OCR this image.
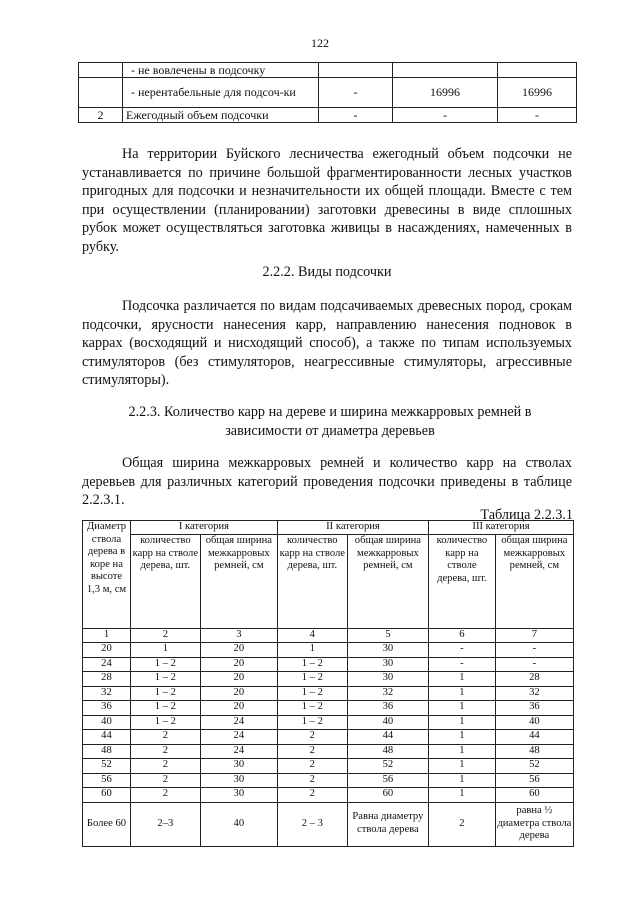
122
	- не вовлечены в подсочку			
	- нерентабельные для подсоч-ки	-	16996	16996
2	Ежегодный объем подсочки	-	-	-

На территории Буйского лесничества ежегодный объем подсочки не устанавливается по причине большой фрагментированности лесных участков пригодных для подсочки и незначительности их общей площади. Вместе с тем при осуществлении (планировании) заготовки древесины в виде сплошных рубок может осуществляться заготовка живицы в насаждениях, намеченных в рубку.

2.2.2. Виды подсочки

Подсочка различается по видам подсачиваемых древесных пород, срокам подсочки, ярусности нанесения карр, направлению нанесения подновок в каррах (восходящий и нисходящий способ), а также по типам используемых стимуляторов (без стимуляторов, неагрессивные стимуляторы, агрессивные стимуляторы).

2.2.3. Количество карр на дереве и ширина межкарровых ремней в зависимости от диаметра деревьев

Общая ширина межкарровых ремней и количество карр на стволах деревьев для различных категорий проведения подсочки приведены в таблице 2.2.3.1.

Таблица 2.2.3.1
Диаметр ствола дерева в коре на высоте 1,3 м, см	I категория		II категория		III категория	
	количество карр на стволе дерева, шт.	общая ширина межкарровых ремней, см	количество карр на стволе дерева, шт.	общая ширина межкарровых ремней, см	количество карр на стволе дерева, шт.	общая ширина межкарровых ремней, см
1	2	3	4	5	6	7
20	1	20	1	30	-	-
24	1 – 2	20	1 – 2	30	-	-
28	1 – 2	20	1 – 2	30	1	28
32	1 – 2	20	1 – 2	32	1	32
36	1 – 2	20	1 – 2	36	1	36
40	1 – 2	24	1 – 2	40	1	40
44	2	24	2	44	1	44
48	2	24	2	48	1	48
52	2	30	2	52	1	52
56	2	30	2	56	1	56
60	2	30	2	60	1	60
Более 60	2–3	40	2 – 3	Равна диаметру ствола дерева	2	равна ½ диаметра ствола дерева
